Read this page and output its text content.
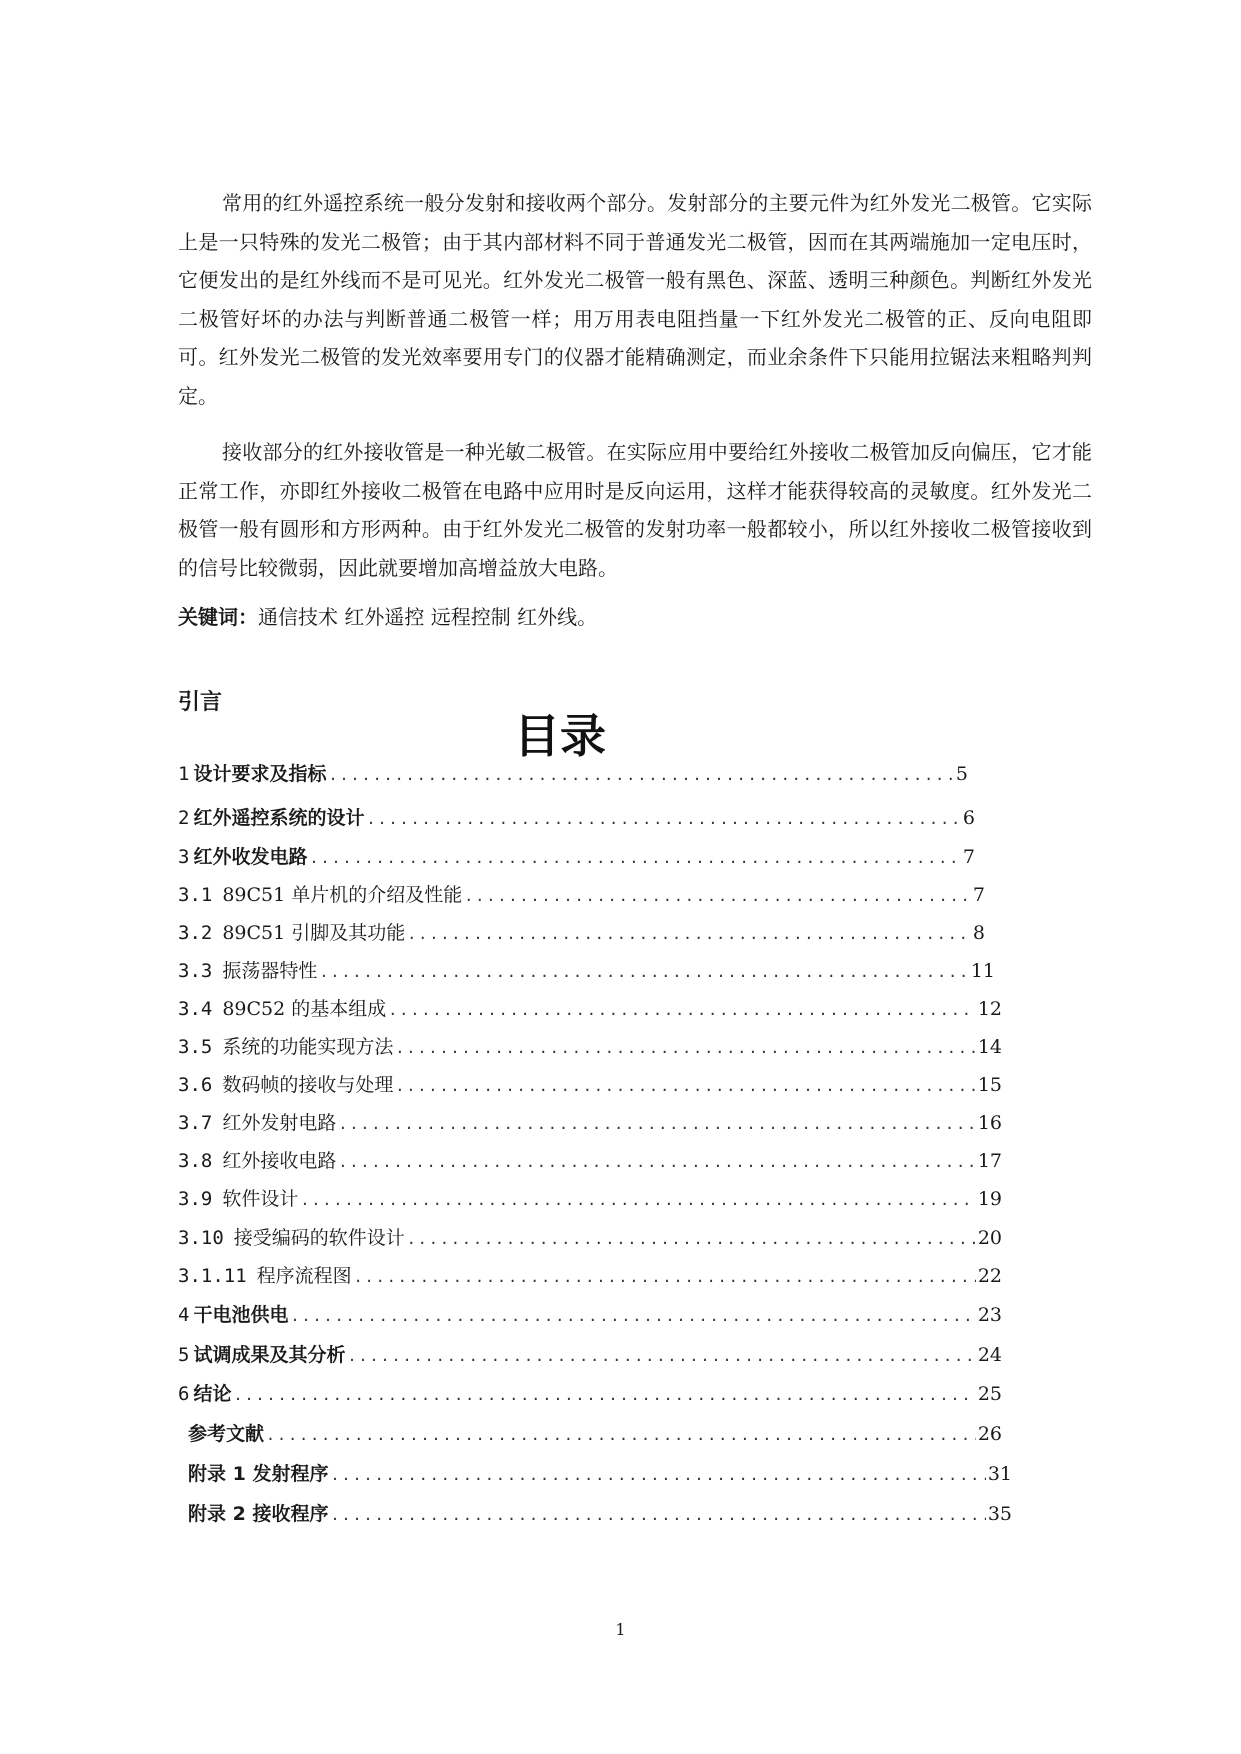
常用的红外遥控系统一般分发射和接收两个部分。发射部分的主要元件为红外发光二极管。它实际上是一只特殊的发光二极管；由于其内部材料不同于普通发光二极管，因而在其两端施加一定电压时，它便发出的是红外线而不是可见光。红外发光二极管一般有黑色、深蓝、透明三种颜色。判断红外发光二极管好坏的办法与判断普通二极管一样；用万用表电阻挡量一下红外发光二极管的正、反向电阻即可。红外发光二极管的发光效率要用专门的仪器才能精确测定，而业余条件下只能用拉锯法来粗略判判定。

接收部分的红外接收管是一种光敏二极管。在实际应用中要给红外接收二极管加反向偏压，它才能正常工作，亦即红外接收二极管在电路中应用时是反向运用，这样才能获得较高的灵敏度。红外发光二极管一般有圆形和方形两种。由于红外发光二极管的发射功率一般都较小，所以红外接收二极管接收到的信号比较微弱，因此就要增加高增益放大电路。

关键词：通信技术 红外遥控 远程控制 红外线。

引言

目录

1 设计要求及指标 .....	5
2 红外遥控系统的设计 .....	6
3 红外收发电路 .....	7
3.1 89C51 单片机的介绍及性能 .....	7
3.2 89C51 引脚及其功能 .....	8
3.3 振荡器特性 .....	11
3.4 89C52 的基本组成 .....	12
3.5 系统的功能实现方法 .....	14
3.6 数码帧的接收与处理 .....	15
3.7 红外发射电路 .....	16
3.8 红外接收电路 .....	17
3.9 软件设计 .....	19
3.10 接受编码的软件设计 .....	20
3.1.11 程序流程图 .....	22
4 干电池供电 .....	23
5 试调成果及其分析 .....	24
6 结论 .....	25
参考文献 .....	26
附录 1 发射程序 .....	31
附录 2 接收程序 .....	35

1
